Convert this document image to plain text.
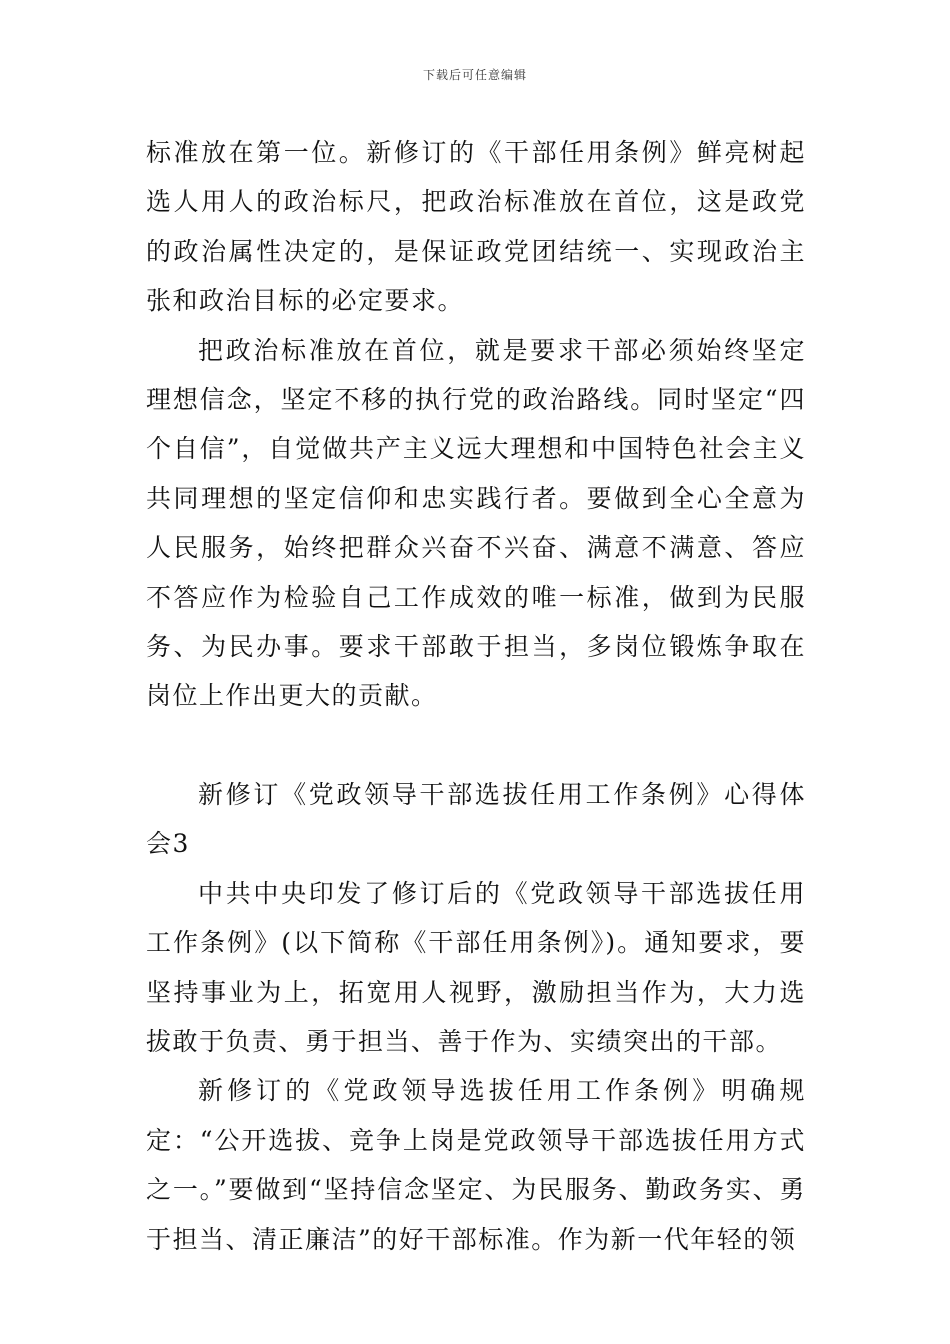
下载后可任意编辑

标准放在第一位。新修订的《干部任用条例》鲜亮树起选人用人的政治标尺，把政治标准放在首位，这是政党的政治属性决定的，是保证政党团结统一、实现政治主张和政治目标的必定要求。

把政治标准放在首位，就是要求干部必须始终坚定理想信念，坚定不移的执行党的政治路线。同时坚定“四个自信”，自觉做共产主义远大理想和中国特色社会主义共同理想的坚定信仰和忠实践行者。要做到全心全意为人民服务，始终把群众兴奋不兴奋、满意不满意、答应不答应作为检验自己工作成效的唯一标准，做到为民服务、为民办事。要求干部敢于担当，多岗位锻炼争取在岗位上作出更大的贡献。

新修订《党政领导干部选拔任用工作条例》心得体会3

中共中央印发了修订后的《党政领导干部选拔任用工作条例》(以下简称《干部任用条例》)。通知要求，要坚持事业为上，拓宽用人视野，激励担当作为，大力选拔敢于负责、勇于担当、善于作为、实绩突出的干部。

新修订的《党政领导选拔任用工作条例》明确规定：“公开选拔、竞争上岗是党政领导干部选拔任用方式之一。”要做到“坚持信念坚定、为民服务、勤政务实、勇于担当、清正廉洁”的好干部标准。作为新一代年轻的领
